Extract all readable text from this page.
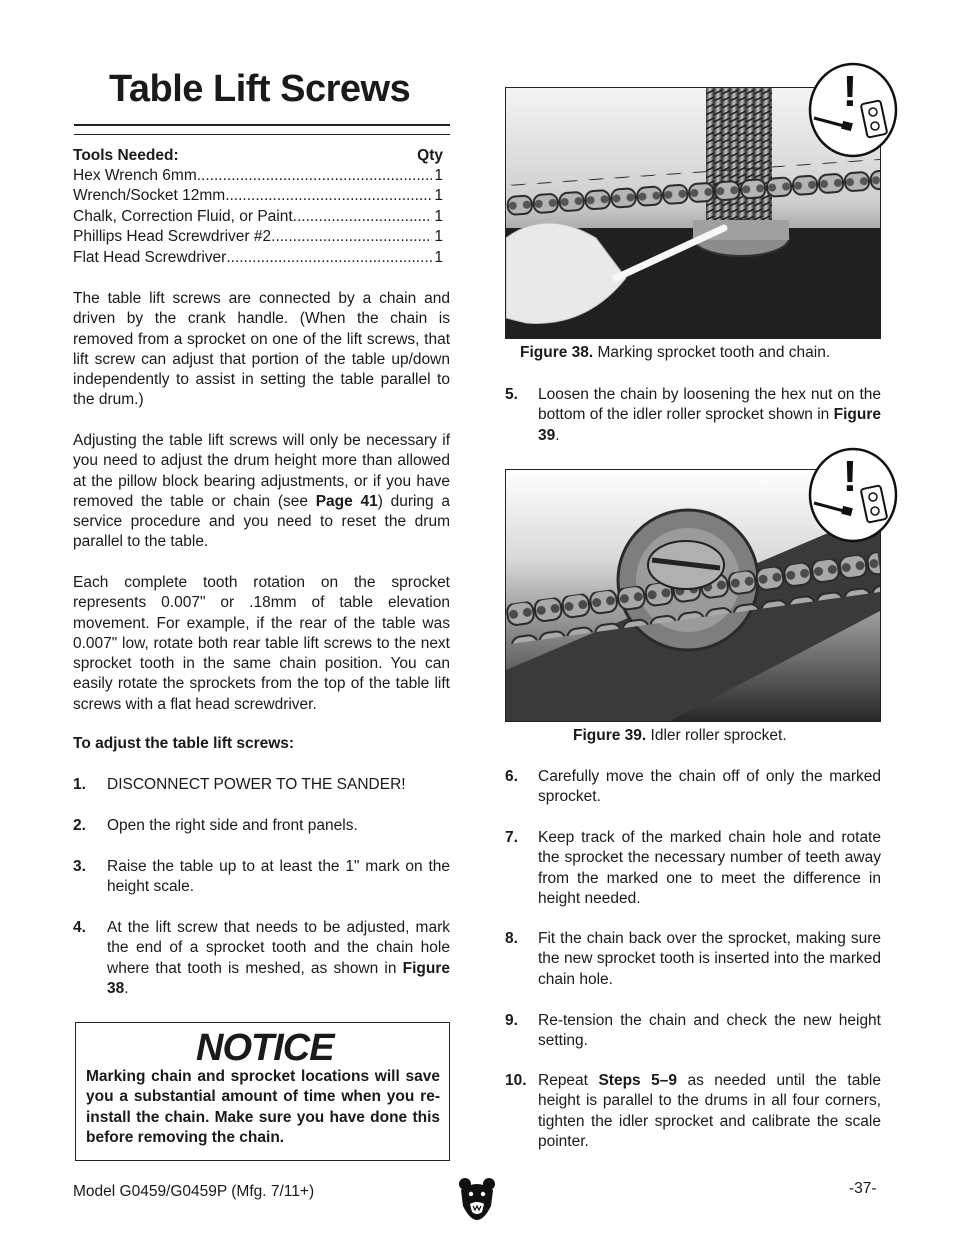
Table Lift Screws
Tools Needed:	Qty
Hex Wrench 6mm .....	1
Wrench/Socket 12mm .....	1
Chalk, Correction Fluid, or Paint .....	1
Phillips Head Screwdriver #2 .....	1
Flat Head Screwdriver .....	1

The table lift screws are connected by a chain and driven by the crank handle. (When the chain is removed from a sprocket on one of the lift screws, that lift screw can adjust that portion of the table up/down independently to assist in setting the table parallel to the drum.)

Adjusting the table lift screws will only be necessary if you need to adjust the drum height more than allowed at the pillow block bearing adjustments, or if you have removed the table or chain (see Page 41) during a service procedure and you need to reset the drum parallel to the table.

Each complete tooth rotation on the sprocket represents 0.007" or .18mm of table elevation movement. For example, if the rear of the table was 0.007" low, rotate both rear table lift screws to the next sprocket tooth in the same chain position. You can easily rotate the sprockets from the top of the table lift screws with a flat head screwdriver.

To adjust the table lift screws:
1. DISCONNECT POWER TO THE SANDER!
2. Open the right side and front panels.
3. Raise the table up to at least the 1" mark on the height scale.
4. At the lift screw that needs to be adjusted, mark the end of a sprocket tooth and the chain hole where that tooth is meshed, as shown in Figure 38.
NOTICE
Marking chain and sprocket locations will save you a substantial amount of time when you re-install the chain. Make sure you have done this before removing the chain.
!
Figure 38. Marking sprocket tooth and chain.
5. Loosen the chain by loosening the hex nut on the bottom of the idler roller sprocket shown in Figure 39.
!
Figure 39. Idler roller sprocket.
6. Carefully move the chain off of only the marked sprocket.
7. Keep track of the marked chain hole and rotate the sprocket the necessary number of teeth away from the marked one to meet the difference in height needed.
8. Fit the chain back over the sprocket, making sure the new sprocket tooth is inserted into the marked chain hole.
9. Re-tension the chain and check the new height setting.
10. Repeat Steps 5–9 as needed until the table height is parallel to the drums in all four corners, tighten the idler sprocket and calibrate the scale pointer.
Model G0459/G0459P (Mfg. 7/11+)	-37-
